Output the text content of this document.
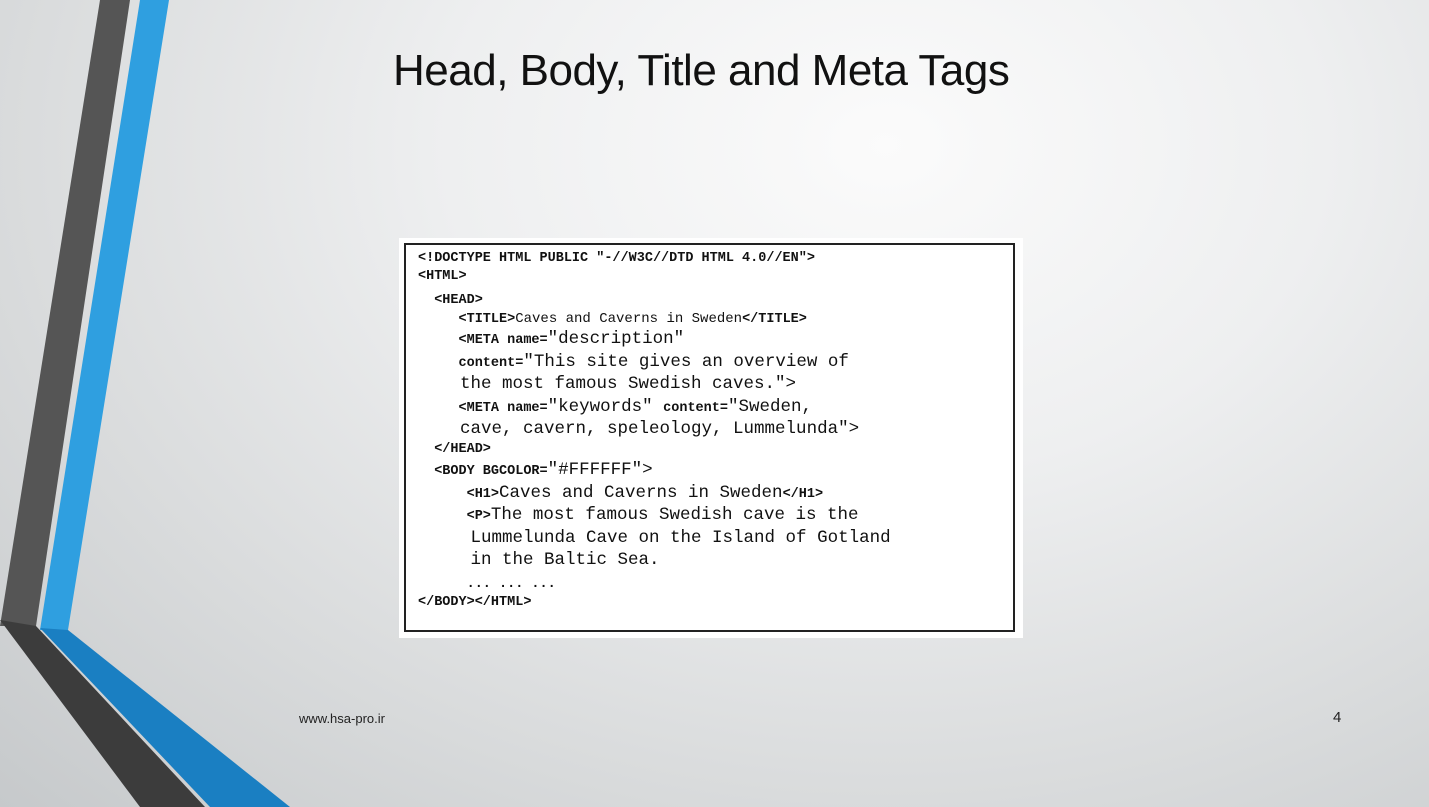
Head, Body, Title and Meta Tags
<!DOCTYPE HTML PUBLIC "-//W3C//DTD HTML 4.0//EN">
<HTML>
<HEAD>
<TITLE>Caves and Caverns in Sweden</TITLE>
<META name="description"
content="This site gives an overview of
the most famous Swedish caves.">
<META name="keywords" content="Sweden,
cave, cavern, speleology, Lummelunda">
</HEAD>
<BODY BGCOLOR="#FFFFFF">
<H1>Caves and Caverns in Sweden</H1>
<P>The most famous Swedish cave is the
Lummelunda Cave on the Island of Gotland
in the Baltic Sea.
... ... ...
</BODY></HTML>
www.hsa-pro.ir	4
